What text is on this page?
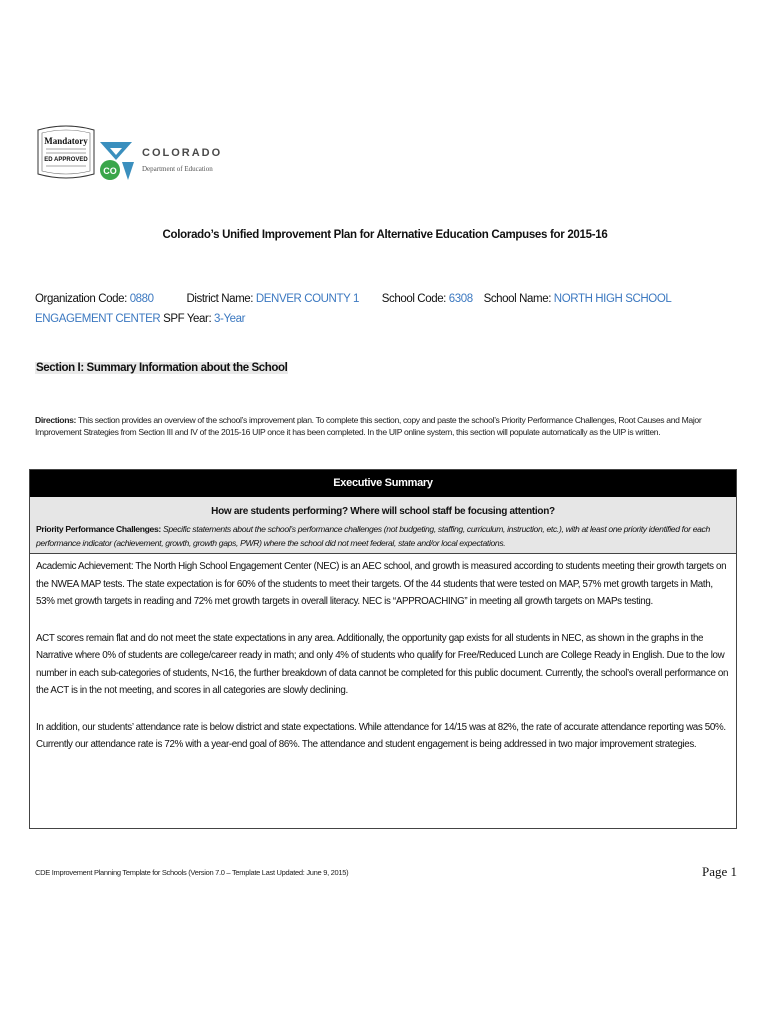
Mandatory
ED APPROVED
CO
COLORADO
Department of Education
Colorado’s Unified Improvement Plan for Alternative Education Campuses for 2015-16
Organization Code: 0880	District Name: DENVER COUNTY 1 School Code: 6308 School Name: NORTH HIGH SCHOOL ENGAGEMENT CENTER SPF Year: 3-Year
Section I: Summary Information about the School
Directions: This section provides an overview of the school’s improvement plan. To complete this section, copy and paste the school’s Priority Performance Challenges, Root Causes and Major Improvement Strategies from Section III and IV of the 2015-16 UIP once it has been completed. In the UIP online system, this section will populate automatically as the UIP is written.
Executive Summary
How are students performing? Where will school staff be focusing attention?
Priority Performance Challenges: Specific statements about the school’s performance challenges (not budgeting, staffing, curriculum, instruction, etc.), with at least one priority identified for each performance indicator (achievement, growth, growth gaps, PWR) where the school did not meet federal, state and/or local expectations.

Academic Achievement: The North High School Engagement Center (NEC) is an AEC school, and growth is measured according to students meeting their growth targets on the NWEA MAP tests. The state expectation is for 60% of the students to meet their targets. Of the 44 students that were tested on MAP, 57% met growth targets in Math, 53% met growth targets in reading and 72% met growth targets in overall literacy. NEC is “APPROACHING” in meeting all growth targets on MAPs testing.

ACT scores remain flat and do not meet the state expectations in any area. Additionally, the opportunity gap exists for all students in NEC, as shown in the graphs in the Narrative where 0% of students are college/career ready in math; and only 4% of students who qualify for Free/Reduced Lunch are College Ready in English. Due to the low number in each sub-categories of students, N<16, the further breakdown of data cannot be completed for this public document. Currently, the school’s overall performance on the ACT is in the not meeting, and scores in all categories are slowly declining.

In addition, our students’ attendance rate is below district and state expectations. While attendance for 14/15 was at 82%, the rate of accurate attendance reporting was 50%. Currently our attendance rate is 72% with a year-end goal of 86%. The attendance and student engagement is being addressed in two major improvement strategies.

CDE Improvement Planning Template for Schools (Version 7.0 – Template Last Updated: June 9, 2015)	Page 1
